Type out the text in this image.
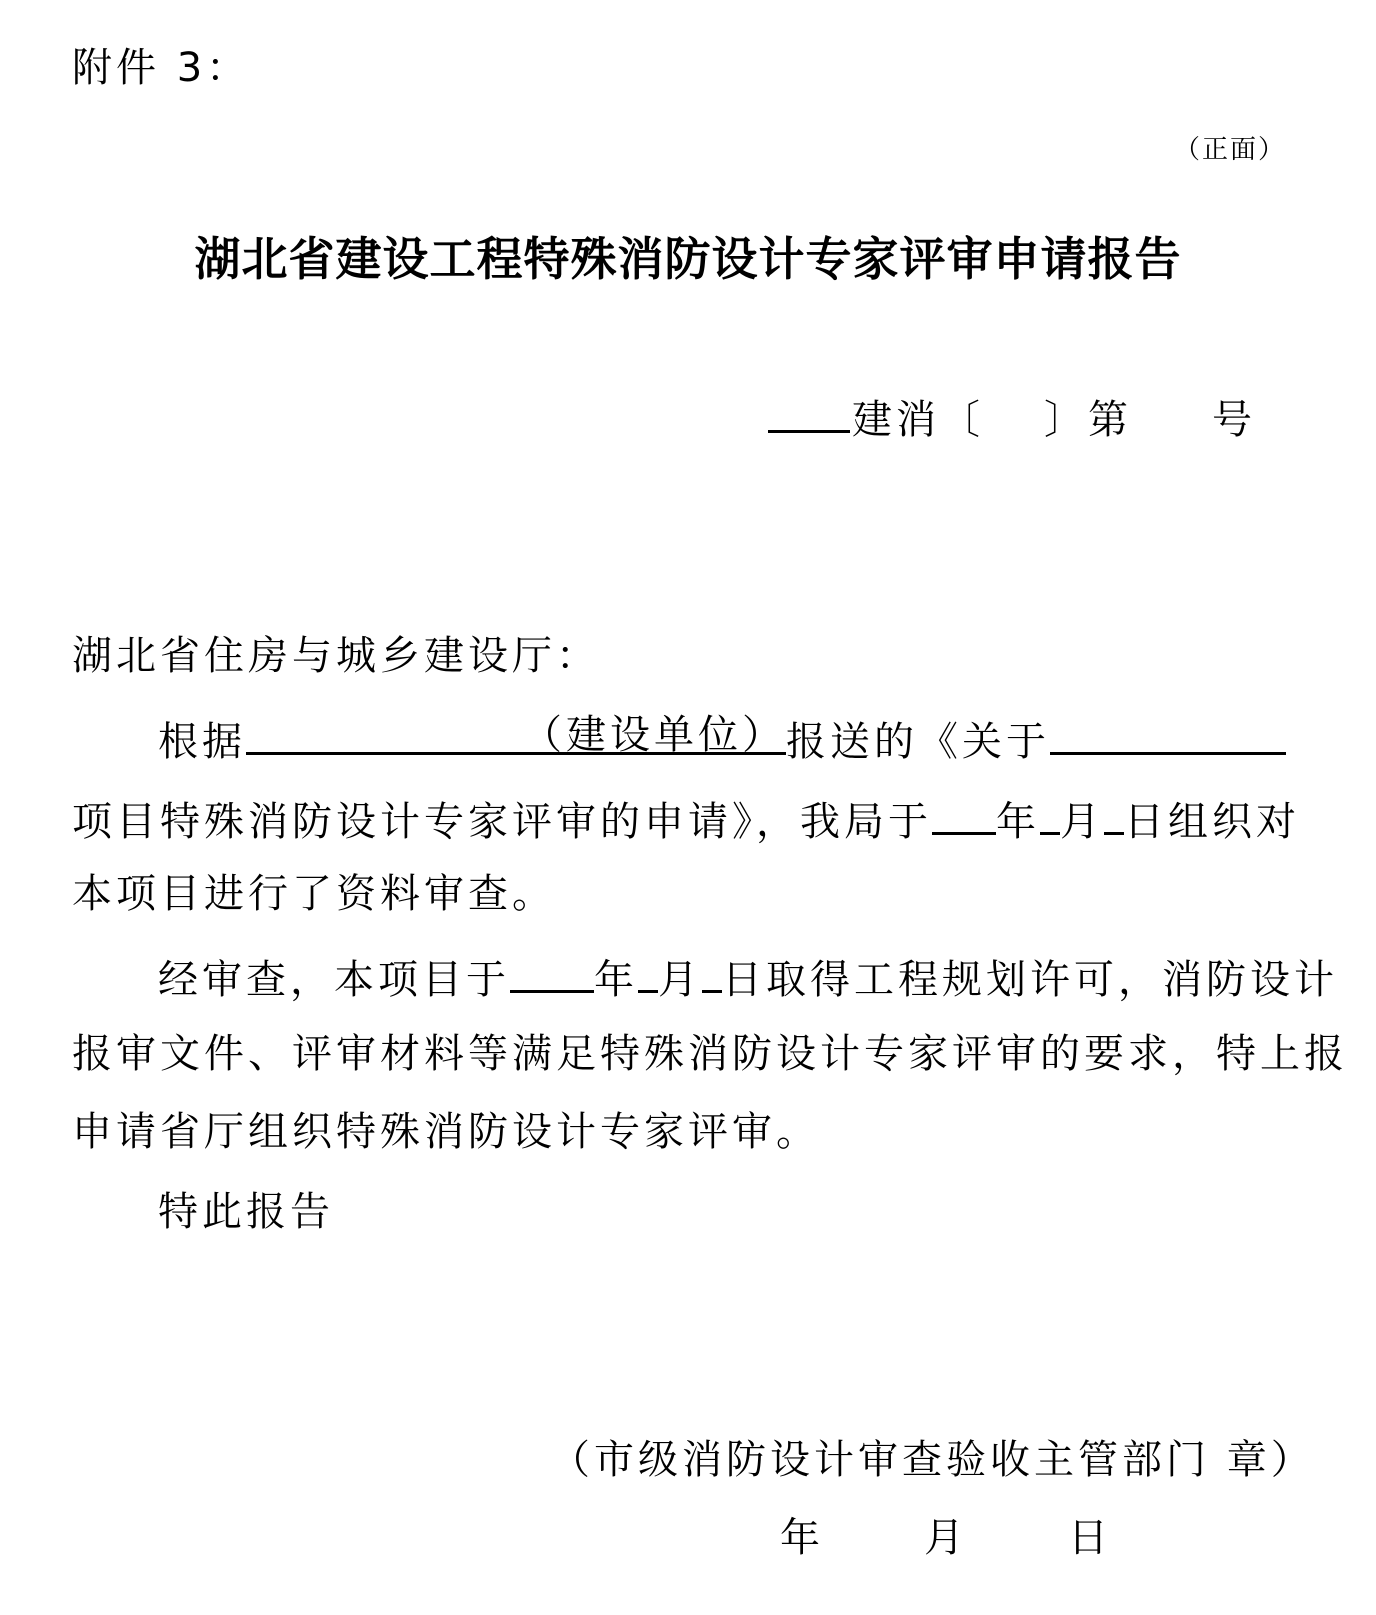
附件 3：
（正面）
湖北省建设工程特殊消防设计专家评审申请报告
建消〔 〕第 号
湖北省住房与城乡建设厅：
根据	（建设单位） 报送的《关于
项目特殊消防设计专家评审的申请》，我局于 年 月 日组织对
本项目进行了资料审查。
经审查，本项目于 年 月 日取得工程规划许可，消防设计
报审文件、评审材料等满足特殊消防设计专家评审的要求，特上报
申请省厅组织特殊消防设计专家评审。
特此报告
（市级消防设计审查验收主管部门 章）
年	月	日
